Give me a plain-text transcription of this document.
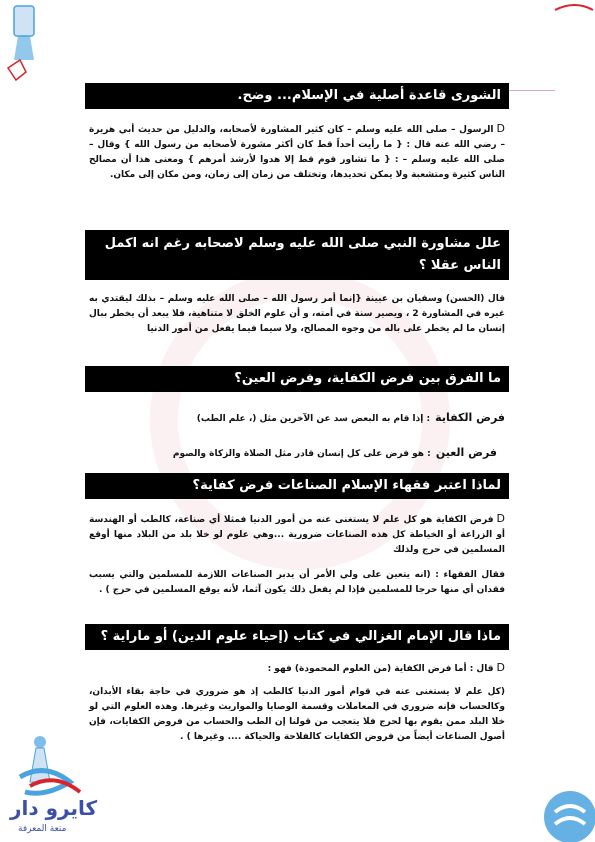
كايرو دار
متعة المعرفة
الشورى قاعدة أصلية في الإسلام... وضح.
Dالرسول – صلى الله عليه وسلم – كان كثير المشاورة لأصحابه، والدليل من حديث أبي هريرة – رضي الله عنه قال : { ما رأيت أحداً قط كان أكثر مشورة لأصحابه من رسول الله } وقال – صلى الله عليه وسلم – : { ما تشاور قوم قط إلا هدوا لأرشد أمرهم } ومعنى هذا أن مصالح الناس كثيرة ومتشعبة ولا يمكن تحديدها، وتختلف من زمان إلى زمان، ومن مكان إلى مكان.
علل مشاورة النبي صلى الله عليه وسلم لاصحابه رغم انه اكمل الناس عقلا ؟
قال (الحسن) وسفيان بن عيينة {إنما أمر رسول الله – صلى الله عليه وسلم – بذلك ليقتدي به غيره في المشاورة 2 ، ويصير سنة في أمته، و أن علوم الخلق لا متناهية، فلا يبعد أن يخطر ببال إنسان ما لم يخطر على باله من وجوه المصالح، ولا سيما فيما يفعل من أمور الدنيا
ما الفرق بين فرض الكفاية، وفرض العين؟
فرض الكفاية : إذا قام به البعض سد عن الآخرين مثل (، علم الطب)
فرض العين : هو فرض على كل إنسان قادر مثل الصلاة والزكاة والصوم
لماذا اعتبر فقهاء الإسلام الصناعات فرض كفاية؟
Dفرض الكفاية هو كل علم لا يستغنى عنه من أمور الدنيا فمثلا أي صناعة، كالطب أو الهندسة أو الزراعة أو الخياطة كل هذه الصناعات ضرورية ...وهي علوم لو خلا بلد من البلاد منها أوقع المسلمين في حرج ولذلك
فقال الفقهاء : (انه يتعين على ولي الأمر أن يدبر الصناعات اللازمة للمسلمين والتي يسبب فقدان أي منها حرجا للمسلمين فإذا لم يفعل ذلك يكون آثما، لأنه يوقع المسلمين في حرج ) .
ماذا قال الإمام الغزالي في كتاب (إحياء علوم الدين) أو ماراية ؟
Dقال : أما فرض الكفاية (من العلوم المحمودة) فهو :
(كل علم لا يستغنى عنه في قوام أمور الدنيا كالطب إذ هو ضروري في حاجة بقاء الأبدان، وكالحساب فإنه ضروري في المعاملات وقسمة الوصايا والمواريث وغيرها. وهذه العلوم التي لو خلا البلد ممن يقوم بها لحرج فلا يتعجب من قولنا إن الطب والحساب من فروض الكفايات، فإن أصول الصناعات أيضاً من فروض الكفايات كالفلاحة والحياكة .... وغيرها ) .
